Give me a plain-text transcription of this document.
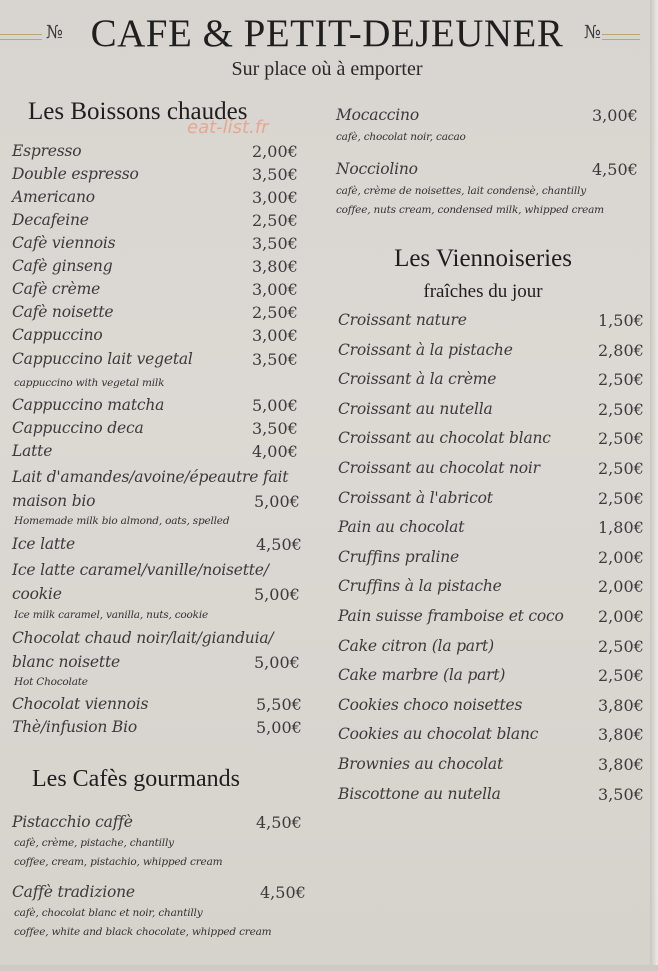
№	№
CAFE & PETIT-DEJEUNER
Sur place où à emporter
eat-list.fr
Les Boissons chaudes
Espresso	2,00€
Double espresso	3,50€
Americano	3,00€
Decafeine	2,50€
Cafè viennois	3,50€
Cafè ginseng	3,80€
Cafè crème	3,00€
Cafè noisette	2,50€
Cappuccino	3,00€
Cappuccino lait vegetal	3,50€
Cappuccino matcha	5,00€
Cappuccino deca	3,50€
Latte	4,00€
Ice latte	4,50€
Chocolat viennois	5,50€
Thè/infusion Bio	5,00€
cappuccino with vegetal milk
Lait d'amandes/avoine/épeautre fait
maison bio	5,00€
Homemade milk bio almond, oats, spelled
Ice latte caramel/vanille/noisette/
cookie	5,00€
Ice milk caramel, vanilla, nuts, cookie
Chocolat chaud noir/lait/gianduia/
blanc noisette	5,00€
Hot Chocolate
Les Cafès gourmands
Pistacchio caffè	4,50€
cafè, crème, pistache, chantilly
coffee, cream, pistachio, whipped cream
Caffè tradizione	4,50€
cafè, chocolat blanc et noir, chantilly
coffee, white and black chocolate, whipped cream
Mocaccino	3,00€
cafè, chocolat noir, cacao
Nocciolino	4,50€
cafè, crème de noisettes, lait condensè, chantilly
coffee, nuts cream, condensed milk, whipped cream
Les Viennoiseries
fraîches du jour
Croissant nature	1,50€
Croissant à la pistache	2,80€
Croissant à la crème	2,50€
Croissant au nutella	2,50€
Croissant au chocolat blanc	2,50€
Croissant au chocolat noir	2,50€
Croissant à l'abricot	2,50€
Pain au chocolat	1,80€
Cruffins praline	2,00€
Cruffins à la pistache	2,00€
Pain suisse framboise et coco 2,00€
Cake citron (la part)	2,50€
Cake marbre (la part)	2,50€
Cookies choco noisettes	3,80€
Cookies au chocolat blanc	3,80€
Brownies au chocolat	3,80€
Biscottone au nutella	3,50€
